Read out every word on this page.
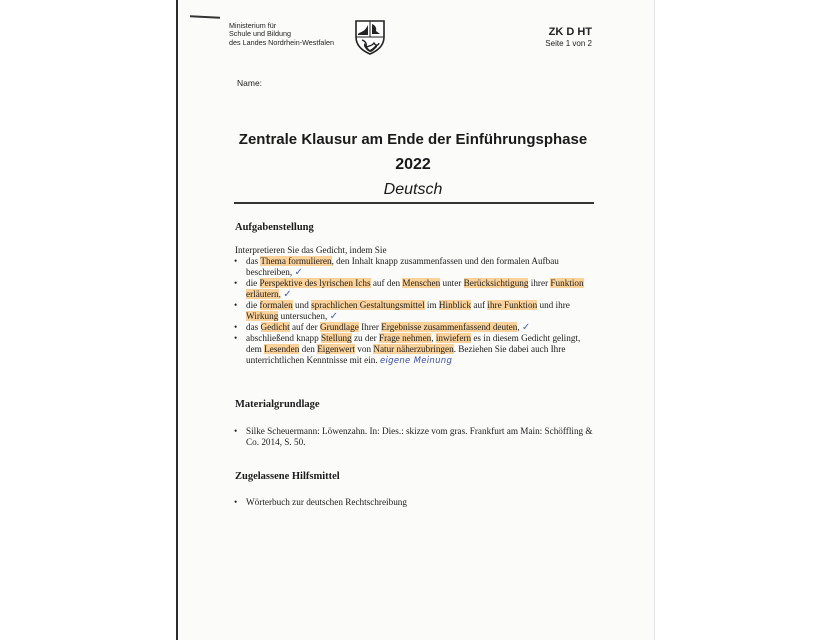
Ministerium für
Schule und Bildung
des Landes Nordrhein-Westfalen
ZK D HT
Seite 1 von 2
Name:
Zentrale Klausur am Ende der Einführungsphase
2022
Deutsch
Aufgabenstellung
Interpretieren Sie das Gedicht, indem Sie
• das Thema formulieren, den Inhalt knapp zusammenfassen und den formalen Aufbau beschreiben, ✓
• die Perspektive des lyrischen Ichs auf den Menschen unter Berücksichtigung ihrer Funktion erläutern, ✓
• die formalen und sprachlichen Gestaltungsmittel im Hinblick auf ihre Funktion und ihre Wirkung untersuchen, ✓
• das Gedicht auf der Grundlage Ihrer Ergebnisse zusammenfassend deuten, ✓
• abschließend knapp Stellung zu der Frage nehmen, inwiefern es in diesem Gedicht gelingt, dem Lesenden den Eigenwert von Natur näherzubringen. Beziehen Sie dabei auch Ihre unterrichtlichen Kenntnisse mit ein. eigene Meinung
Materialgrundlage
• Silke Scheuermann: Löwenzahn. In: Dies.: skizze vom gras. Frankfurt am Main: Schöffling & Co. 2014, S. 50.
Zugelassene Hilfsmittel
• Wörterbuch zur deutschen Rechtschreibung
